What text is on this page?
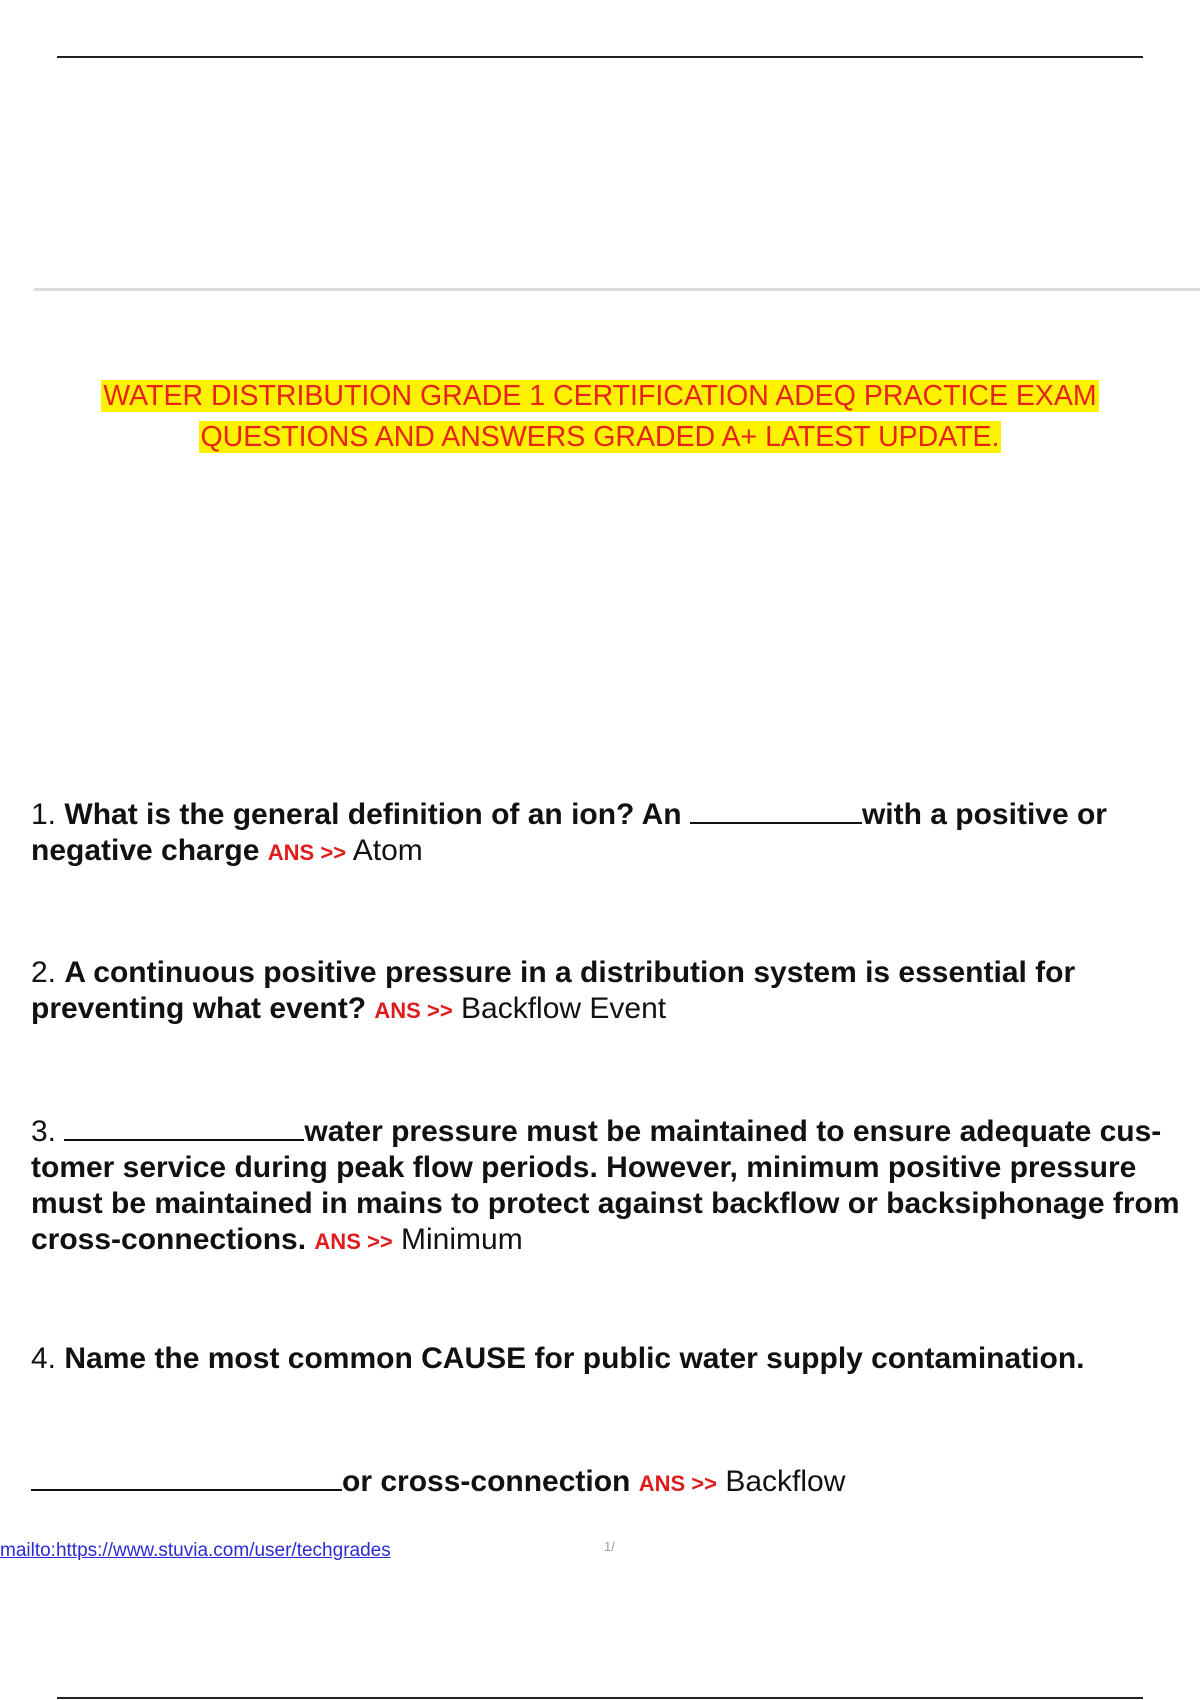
WATER DISTRIBUTION GRADE 1 CERTIFICATION ADEQ PRACTICE EXAM
QUESTIONS AND ANSWERS GRADED A+ LATEST UPDATE.
1. What is the general definition of an ion? An	with a positive or negative charge ANS >> Atom
2. A continuous positive pressure in a distribution system is essential for preventing what event? ANS >> Backflow Event
3.	water pressure must be maintained to ensure adequate cus- tomer service during peak flow periods. However, minimum positive pressure must be maintained in mains to protect against backflow or backsiphonage from cross-connections. ANS >> Minimum
4. Name the most common CAUSE for public water supply contamination.
or cross-connection ANS >> Backflow
mailto:https://www.stuvia.com/user/techgrades	1/
